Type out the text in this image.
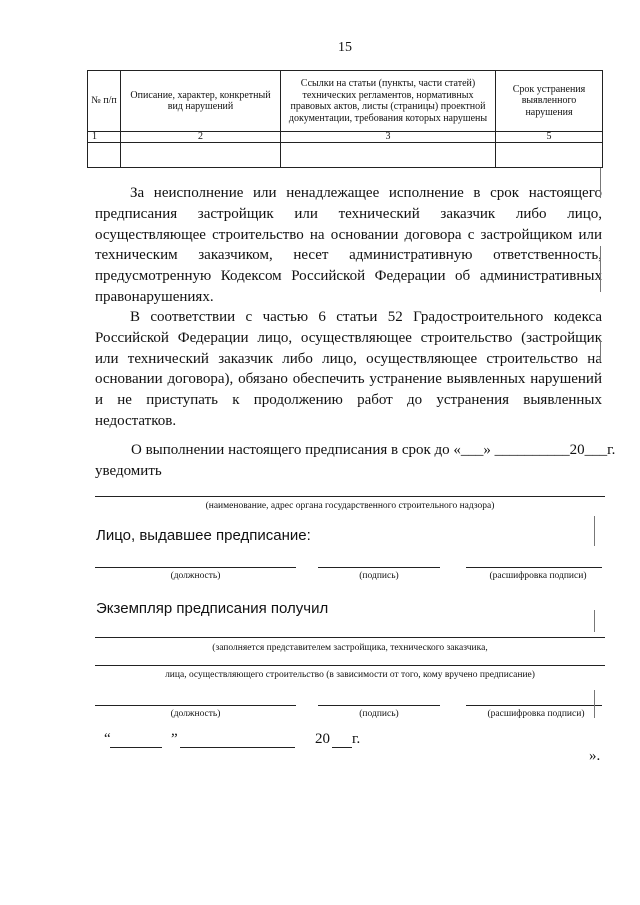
15
№ п/п	Описание, характер, конкретный вид нарушений	Ссылки на статьи (пункты, части статей) технических регламентов, нормативных правовых актов, листы (страницы) проектной документации, требования которых нарушены	Срок устранения выявленного нарушения
1	2	3	5

За неисполнение или ненадлежащее исполнение в срок настоящего предписания застройщик или технический заказчик либо лицо, осуществляющее строительство на основании договора с застройщиком или техническим заказчиком, несет административную ответственность, предусмотренную Кодексом Российской Федерации об административных правонарушениях.

В соответствии с частью 6 статьи 52 Градостроительного кодекса Российской Федерации лицо, осуществляющее строительство (застройщик или технический заказчик либо лицо, осуществляющее строительство на основании договора), обязано обеспечить устранение выявленных нарушений и не приступать к продолжению работ до устранения выявленных недостатков.

О выполнении настоящего предписания в срок до «___» __________20___г.
уведомить
(наименование, адрес органа государственного строительного надзора)
Лицо, выдавшее предписание:
(должность)	(подпись)	(расшифровка подписи)
Экземпляр предписания получил
(заполняется представителем застройщика, технического заказчика,
лица, осуществляющего строительство (в зависимости от того, кому вручено предписание)
(должность)	(подпись)	(расшифровка подписи)
“	”	20 г.
».
